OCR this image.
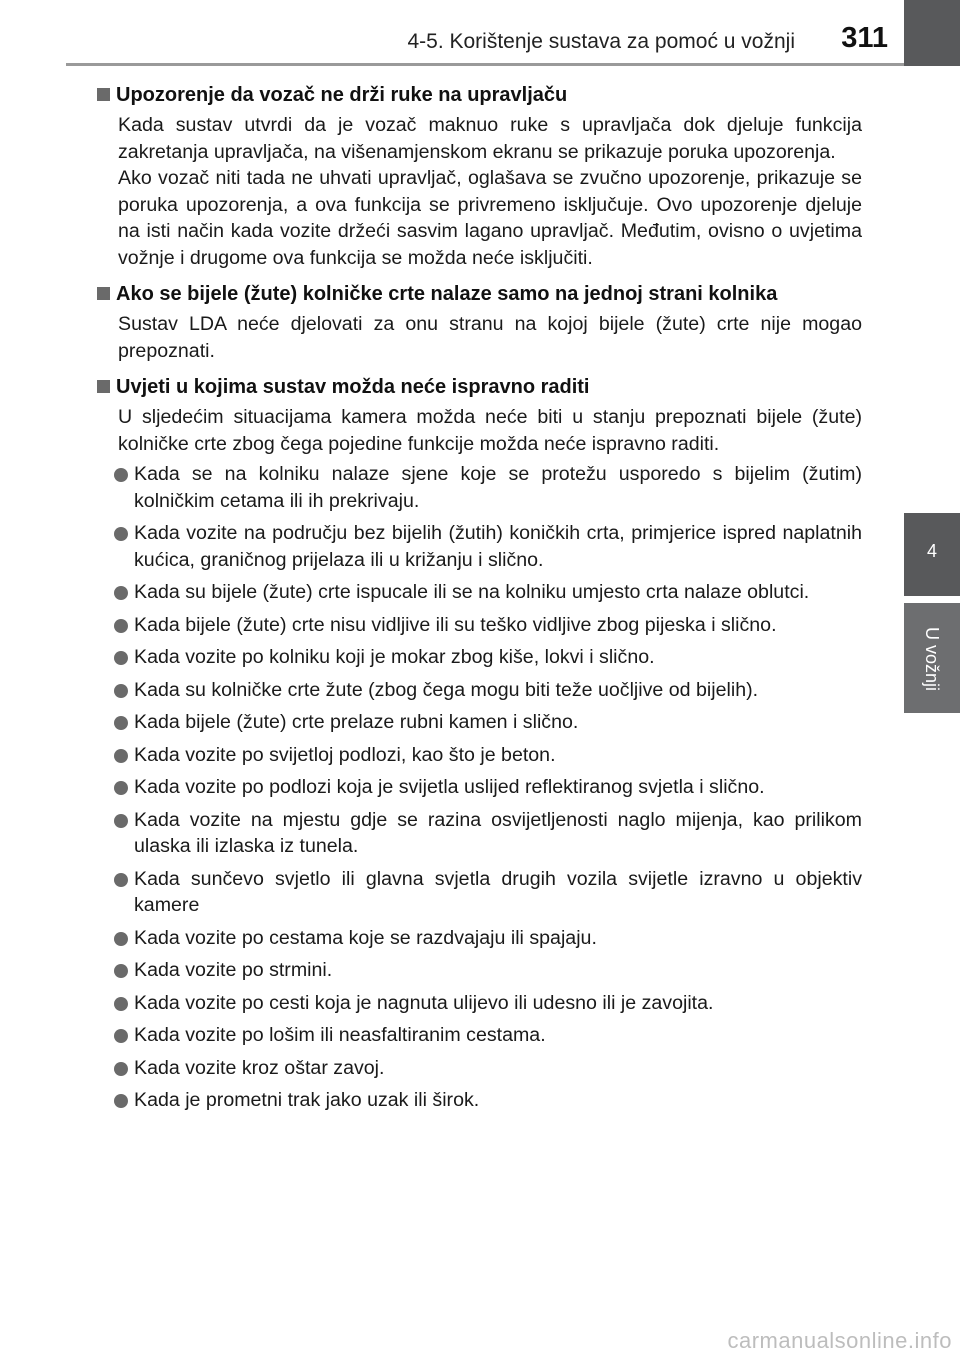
4-5. Korištenje sustava za pomoć u vožnji 311
4
U vožnji
Upozorenje da vozač ne drži ruke na upravljaču

Kada sustav utvrdi da je vozač maknuo ruke s upravljača dok djeluje funkcija zakretanja upravljača, na višenamjenskom ekranu se prikazuje poruka upozorenja.
Ako vozač niti tada ne uhvati upravljač, oglašava se zvučno upozorenje, prikazuje se poruka upozorenja, a ova funkcija se privremeno isključuje. Ovo upozorenje djeluje na isti način kada vozite držeći sasvim lagano upravljač. Međutim, ovisno o uvjetima vožnje i drugome ova funkcija se možda neće isključiti.

Ako se bijele (žute) kolničke crte nalaze samo na jednoj strani kolnika

Sustav LDA neće djelovati za onu stranu na kojoj bijele (žute) crte nije mogao prepoznati.

Uvjeti u kojima sustav možda neće ispravno raditi

U sljedećim situacijama kamera možda neće biti u stanju prepoznati bijele (žute) kolničke crte zbog čega pojedine funkcije možda neće ispravno raditi.

Kada se na kolniku nalaze sjene koje se protežu usporedo s bijelim (žutim) kolničkim cetama ili ih prekrivaju.
Kada vozite na području bez bijelih (žutih) koničkih crta, primjerice ispred naplatnih kućica, graničnog prijelaza ili u križanju i slično.
Kada su bijele (žute) crte ispucale ili se na kolniku umjesto crta nalaze oblutci.
Kada bijele (žute) crte nisu vidljive ili su teško vidljive zbog pijeska i slično.
Kada vozite po kolniku koji je mokar zbog kiše, lokvi i slično.
Kada su kolničke crte žute (zbog čega mogu biti teže uočljive od bijelih).
Kada bijele (žute) crte prelaze rubni kamen i slično.
Kada vozite po svijetloj podlozi, kao što je beton.
Kada vozite po podlozi koja je svijetla uslijed reflektiranog svjetla i slično.
Kada vozite na mjestu gdje se razina osvijetljenosti naglo mijenja, kao prilikom ulaska ili izlaska iz tunela.
Kada sunčevo svjetlo ili glavna svjetla drugih vozila svijetle izravno u objektiv kamere
Kada vozite po cestama koje se razdvajaju ili spajaju.
Kada vozite po strmini.
Kada vozite po cesti koja je nagnuta ulijevo ili udesno ili je zavojita.
Kada vozite po lošim ili neasfaltiranim cestama.
Kada vozite kroz oštar zavoj.
Kada je prometni trak jako uzak ili širok.
carmanualsonline.info
